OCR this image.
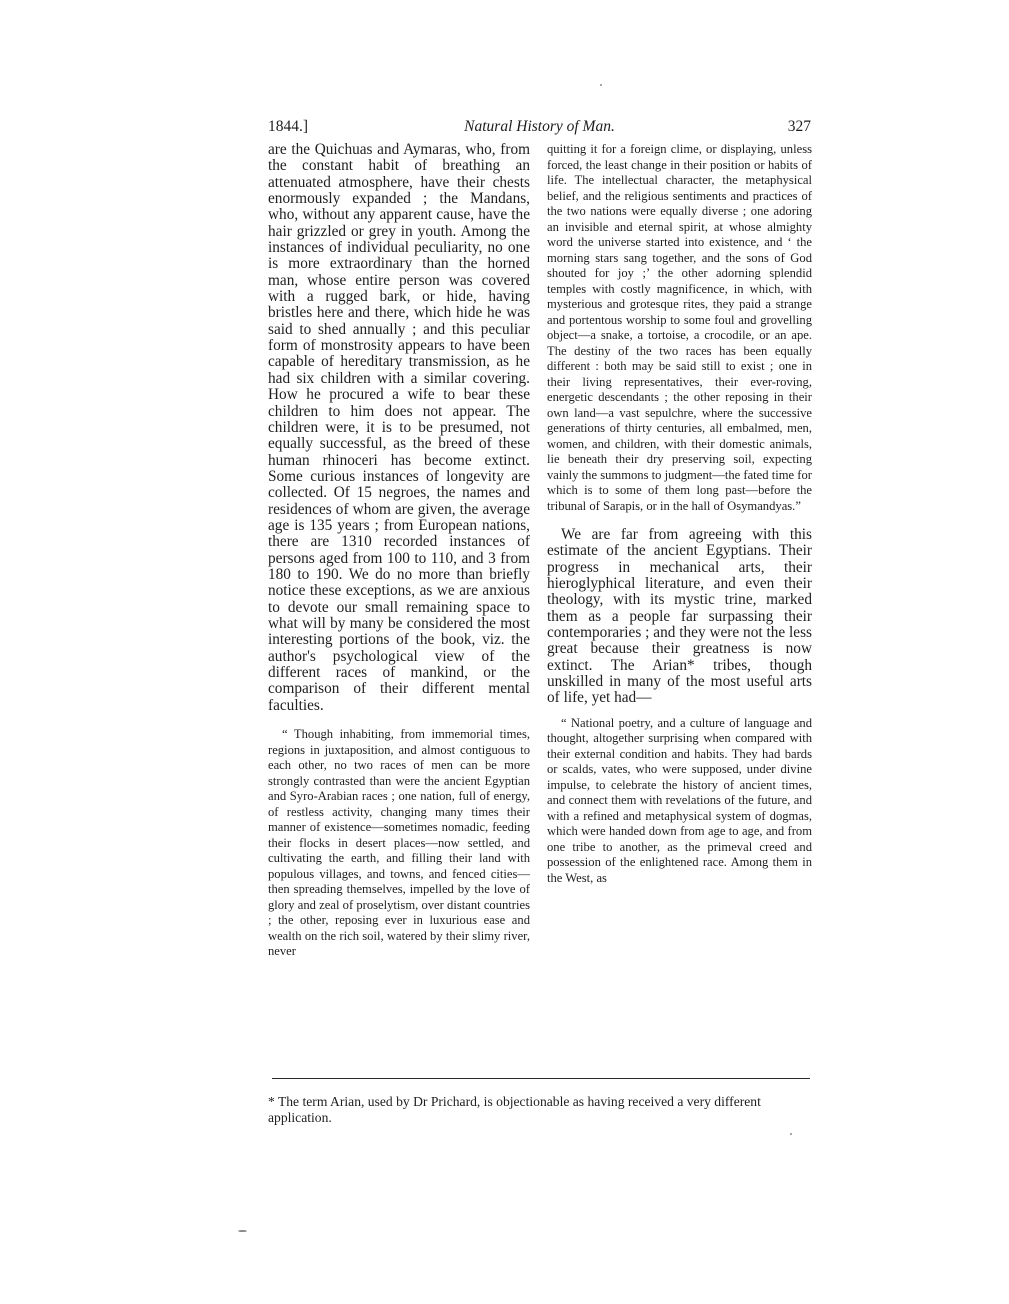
1844.]	Natural History of Man.	327

are the Quichuas and Aymaras, who, from the constant habit of breathing an attenuated atmosphere, have their chests enormously expanded ; the Mandans, who, without any apparent cause, have the hair grizzled or grey in youth. Among the instances of individual peculiarity, no one is more extraordinary than the horned man, whose entire person was covered with a rugged bark, or hide, having bristles here and there, which hide he was said to shed annually ; and this peculiar form of monstrosity appears to have been capable of hereditary transmission, as he had six children with a similar covering. How he procured a wife to bear these children to him does not appear. The children were, it is to be presumed, not equally successful, as the breed of these human rhinoceri has become extinct. Some curious instances of longevity are collected. Of 15 negroes, the names and residences of whom are given, the average age is 135 years ; from European nations, there are 1310 recorded instances of persons aged from 100 to 110, and 3 from 180 to 190. We do no more than briefly notice these exceptions, as we are anxious to devote our small remaining space to what will by many be considered the most interesting portions of the book, viz. the author's psychological view of the different races of mankind, or the comparison of their different mental faculties.

“ Though inhabiting, from immemorial times, regions in juxtaposition, and almost contiguous to each other, no two races of men can be more strongly contrasted than were the ancient Egyptian and Syro-Arabian races ; one nation, full of energy, of restless activity, changing many times their manner of existence—sometimes nomadic, feeding their flocks in desert places—now settled, and cultivating the earth, and filling their land with populous villages, and towns, and fenced cities—then spreading themselves, impelled by the love of glory and zeal of proselytism, over distant countries ; the other, reposing ever in luxurious ease and wealth on the rich soil, watered by their slimy river, never

quitting it for a foreign clime, or displaying, unless forced, the least change in their position or habits of life. The intellectual character, the metaphysical belief, and the religious sentiments and practices of the two nations were equally diverse ; one adoring an invisible and eternal spirit, at whose almighty word the universe started into existence, and ‘ the morning stars sang together, and the sons of God shouted for joy ;’ the other adorning splendid temples with costly magnificence, in which, with mysterious and grotesque rites, they paid a strange and portentous worship to some foul and grovelling object—a snake, a tortoise, a crocodile, or an ape. The destiny of the two races has been equally different : both may be said still to exist ; one in their living representatives, their ever-roving, energetic descendants ; the other reposing in their own land—a vast sepulchre, where the successive generations of thirty centuries, all embalmed, men, women, and children, with their domestic animals, lie beneath their dry preserving soil, expecting vainly the summons to judgment—the fated time for which is to some of them long past—before the tribunal of Sarapis, or in the hall of Osymandyas.”

We are far from agreeing with this estimate of the ancient Egyptians. Their progress in mechanical arts, their hieroglyphical literature, and even their theology, with its mystic trine, marked them as a people far surpassing their contemporaries ; and they were not the less great because their greatness is now extinct. The Arian* tribes, though unskilled in many of the most useful arts of life, yet had—

“ National poetry, and a culture of language and thought, altogether surprising when compared with their external condition and habits. They had bards or scalds, vates, who were supposed, under divine impulse, to celebrate the history of ancient times, and connect them with revelations of the future, and with a refined and metaphysical system of dogmas, which were handed down from age to age, and from one tribe to another, as the primeval creed and possession of the enlightened race. Among them in the West, as

* The term Arian, used by Dr Prichard, is objectionable as having received a very different application.
